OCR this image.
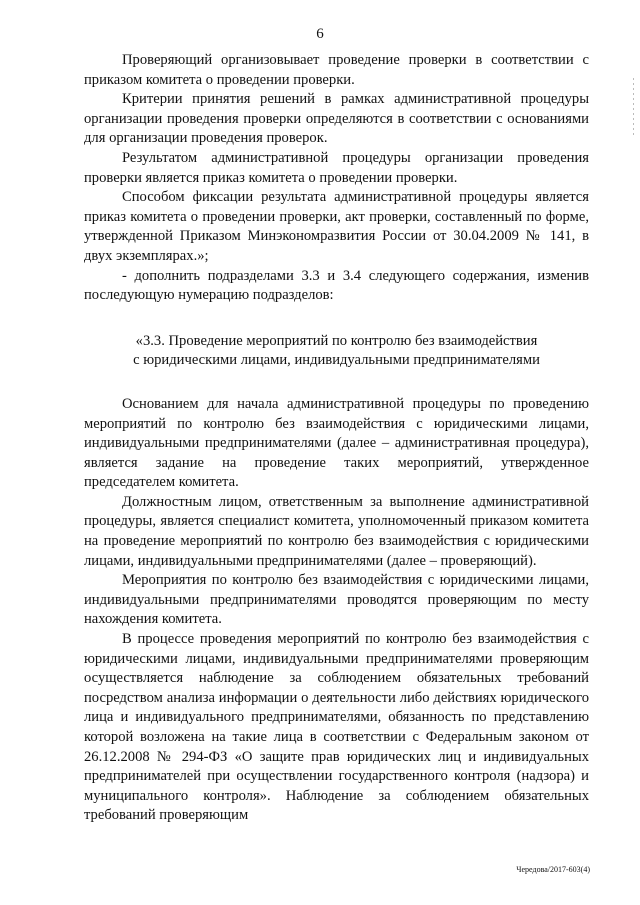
6

Проверяющий организовывает проведение проверки в соответствии с приказом комитета о проведении проверки.

Критерии принятия решений в рамках административной процедуры организации проведения проверки определяются в соответствии с основаниями для организации проведения проверок.

Результатом административной процедуры организации проведения проверки является приказ комитета о проведении проверки.

Способом фиксации результата административной процедуры является приказ комитета о проведении проверки, акт проверки, составленный по форме, утвержденной Приказом Минэкономразвития России от 30.04.2009 № 141, в двух экземплярах.»;

- дополнить подразделами 3.3 и 3.4 следующего содержания, изменив последующую нумерацию подразделов:

«3.3. Проведение мероприятий по контролю без взаимодействия
с юридическими лицами, индивидуальными предпринимателями

Основанием для начала административной процедуры по проведению мероприятий по контролю без взаимодействия с юридическими лицами, индивидуальными предпринимателями (далее – административная процедура), является задание на проведение таких мероприятий, утвержденное председателем комитета.

Должностным лицом, ответственным за выполнение административной процедуры, является специалист комитета, уполномоченный приказом комитета на проведение мероприятий по контролю без взаимодействия с юридическими лицами, индивидуальными предпринимателями (далее – проверяющий).

Мероприятия по контролю без взаимодействия с юридическими лицами, индивидуальными предпринимателями проводятся проверяющим по месту нахождения комитета.

В процессе проведения мероприятий по контролю без взаимодействия с юридическими лицами, индивидуальными предпринимателями проверяющим осуществляется наблюдение за соблюдением обязательных требований посредством анализа информации о деятельности либо действиях юридического лица и индивидуального предпринимателями, обязанность по представлению которой возложена на такие лица в соответствии с Федеральным законом от 26.12.2008 № 294-ФЗ «О защите прав юридических лиц и индивидуальных предпринимателей при осуществлении государственного контроля (надзора) и муниципального контроля». Наблюдение за соблюдением обязательных требований проверяющим

Чередова/2017-603(4)
